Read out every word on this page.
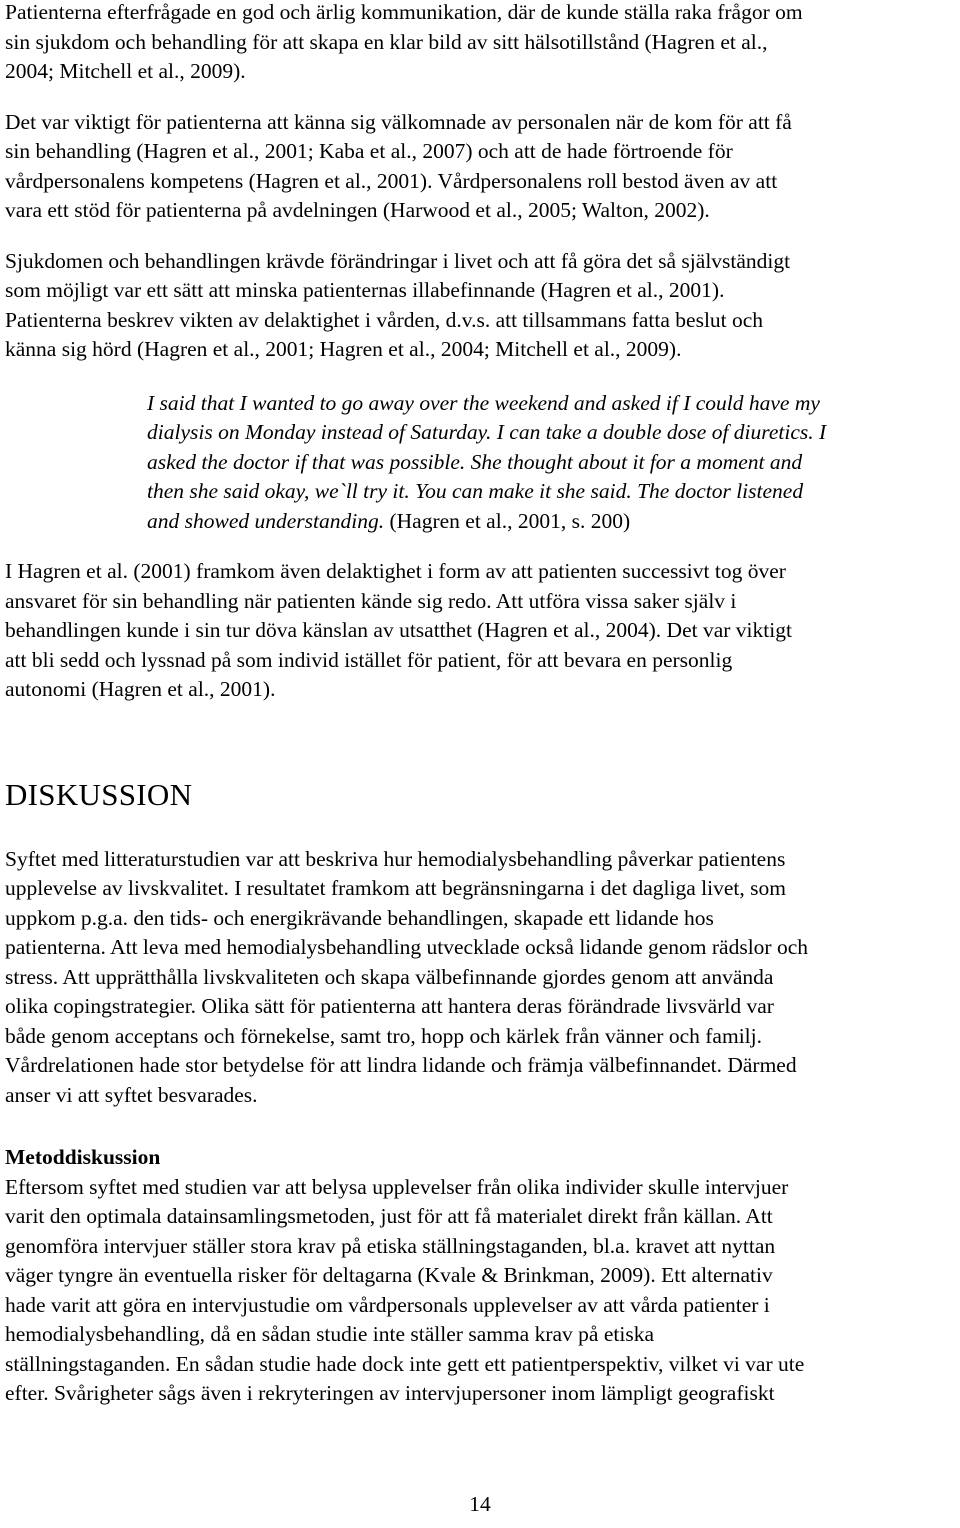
Patienterna efterfrågade en god och ärlig kommunikation, där de kunde ställa raka frågor om
sin sjukdom och behandling för att skapa en klar bild av sitt hälsotillstånd (Hagren et al.,
2004; Mitchell et al., 2009).

Det var viktigt för patienterna att känna sig välkomnade av personalen när de kom för att få
sin behandling (Hagren et al., 2001; Kaba et al., 2007) och att de hade förtroende för
vårdpersonalens kompetens (Hagren et al., 2001). Vårdpersonalens roll bestod även av att
vara ett stöd för patienterna på avdelningen (Harwood et al., 2005; Walton, 2002).

Sjukdomen och behandlingen krävde förändringar i livet och att få göra det så självständigt
som möjligt var ett sätt att minska patienternas illabefinnande (Hagren et al., 2001).
Patienterna beskrev vikten av delaktighet i vården, d.v.s. att tillsammans fatta beslut och
känna sig hörd (Hagren et al., 2001; Hagren et al., 2004; Mitchell et al., 2009).

I said that I wanted to go away over the weekend and asked if I could have my
dialysis on Monday instead of Saturday. I can take a double dose of diuretics. I
asked the doctor if that was possible. She thought about it for a moment and
then she said okay, we`ll try it. You can make it she said. The doctor listened
and showed understanding. (Hagren et al., 2001, s. 200)

I Hagren et al. (2001) framkom även delaktighet i form av att patienten successivt tog över
ansvaret för sin behandling när patienten kände sig redo. Att utföra vissa saker själv i
behandlingen kunde i sin tur döva känslan av utsatthet (Hagren et al., 2004). Det var viktigt
att bli sedd och lyssnad på som individ istället för patient, för att bevara en personlig
autonomi (Hagren et al., 2001).

DISKUSSION

Syftet med litteraturstudien var att beskriva hur hemodialysbehandling påverkar patientens
upplevelse av livskvalitet. I resultatet framkom att begränsningarna i det dagliga livet, som
uppkom p.g.a. den tids- och energikrävande behandlingen, skapade ett lidande hos
patienterna. Att leva med hemodialysbehandling utvecklade också lidande genom rädslor och
stress. Att upprätthålla livskvaliteten och skapa välbefinnande gjordes genom att använda
olika copingstrategier. Olika sätt för patienterna att hantera deras förändrade livsvärld var
både genom acceptans och förnekelse, samt tro, hopp och kärlek från vänner och familj.
Vårdrelationen hade stor betydelse för att lindra lidande och främja välbefinnandet. Därmed
anser vi att syftet besvarades.

Metoddiskussion

Eftersom syftet med studien var att belysa upplevelser från olika individer skulle intervjuer
varit den optimala datainsamlingsmetoden, just för att få materialet direkt från källan. Att
genomföra intervjuer ställer stora krav på etiska ställningstaganden, bl.a. kravet att nyttan
väger tyngre än eventuella risker för deltagarna (Kvale & Brinkman, 2009). Ett alternativ
hade varit att göra en intervjustudie om vårdpersonals upplevelser av att vårda patienter i
hemodialysbehandling, då en sådan studie inte ställer samma krav på etiska
ställningstaganden. En sådan studie hade dock inte gett ett patientperspektiv, vilket vi var ute
efter. Svårigheter sågs även i rekryteringen av intervjupersoner inom lämpligt geografiskt

14
